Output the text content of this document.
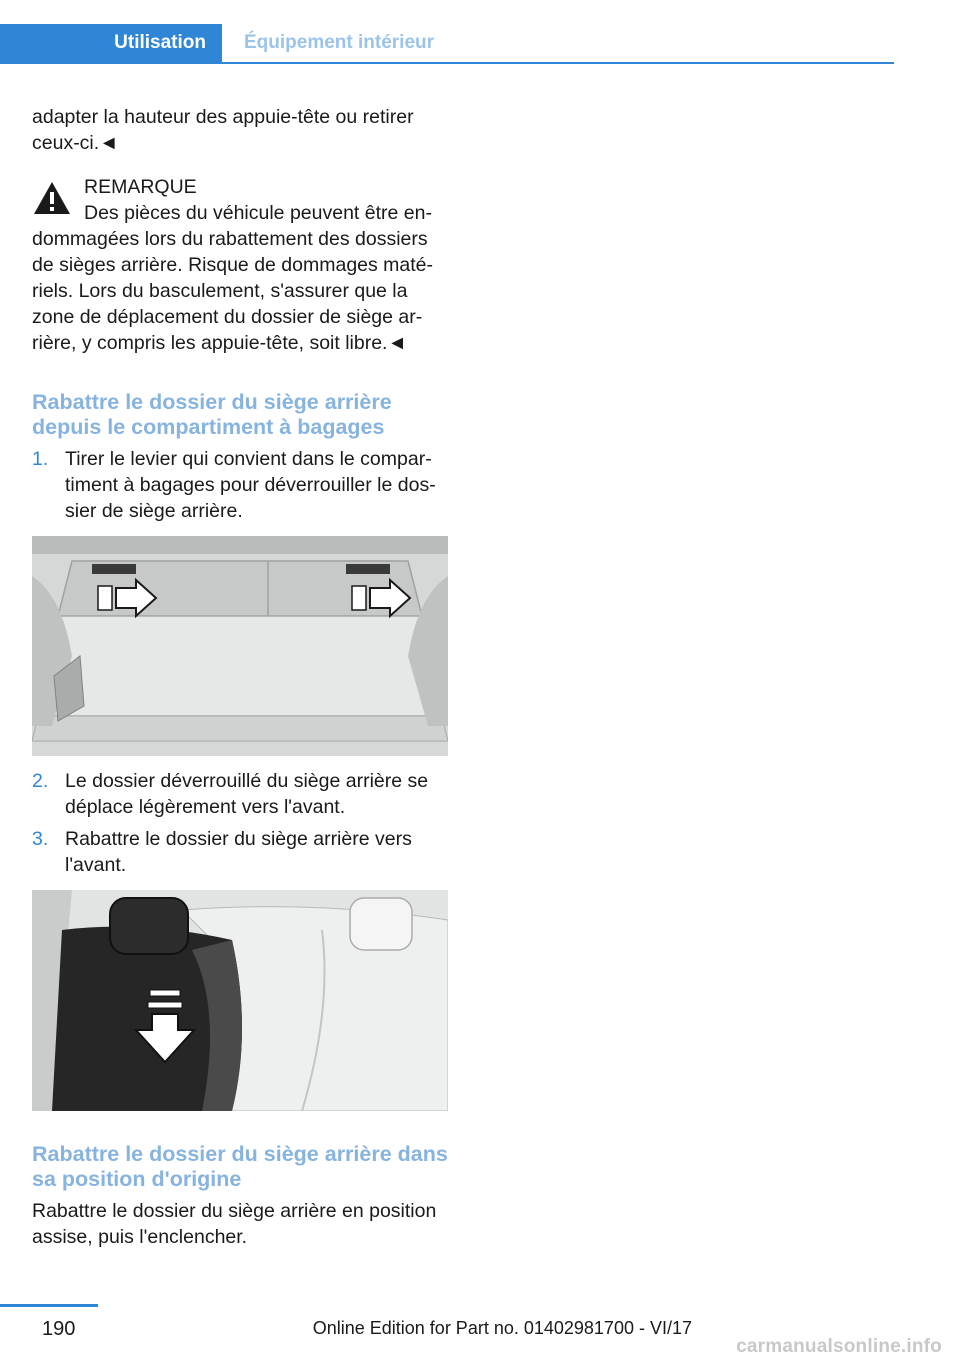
Utilisation	Équipement intérieur

adapter la hauteur des appuie-tête ou retirer ceux-ci.◄

REMARQUE

Des pièces du véhicule peuvent être en-

dommagées lors du rabattement des dossiers de sièges arrière. Risque de dommages maté-riels. Lors du basculement, s'assurer que la zone de déplacement du dossier de siège ar-rière, y compris les appuie-tête, soit libre.◄

Rabattre le dossier du siège arrière depuis le compartiment à bagages
1. Tirer le levier qui convient dans le compar-timent à bagages pour déverrouiller le dos-sier de siège arrière.
2. Le dossier déverrouillé du siège arrière se déplace légèrement vers l'avant.
3. Rabattre le dossier du siège arrière vers l'avant.
Rabattre le dossier du siège arrière dans sa position d'origine

Rabattre le dossier du siège arrière en position assise, puis l'enclencher.

190	Online Edition for Part no. 01402981700 - VI/17
carmanualsonline.info
